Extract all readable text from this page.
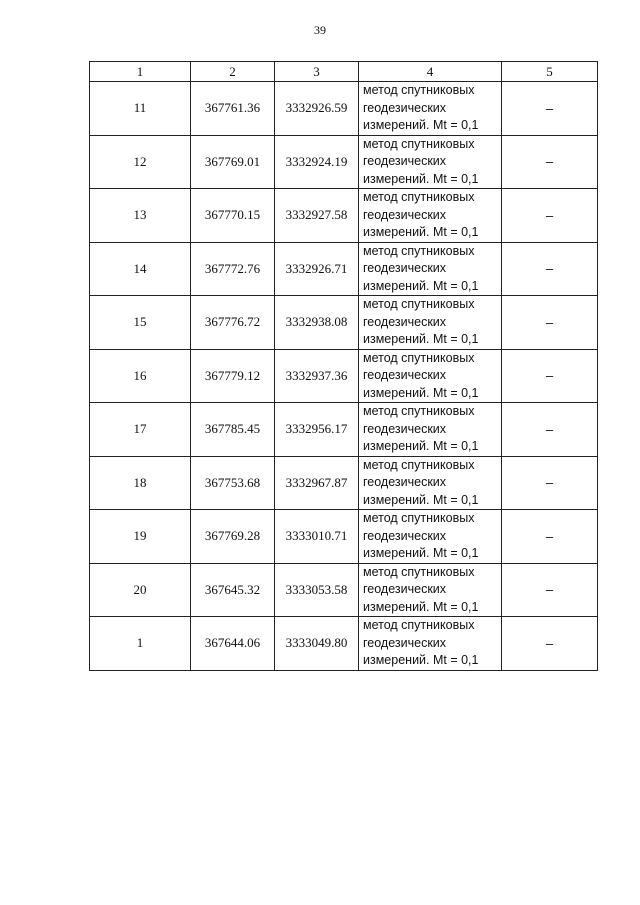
39
1	2	3	4	5
11	367761.36	3332926.59	метод спутниковых
геодезических
измерений. Mt = 0,1	–
12	367769.01	3332924.19	метод спутниковых
геодезических
измерений. Mt = 0,1	–
13	367770.15	3332927.58	метод спутниковых
геодезических
измерений. Mt = 0,1	–
14	367772.76	3332926.71	метод спутниковых
геодезических
измерений. Mt = 0,1	–
15	367776.72	3332938.08	метод спутниковых
геодезических
измерений. Mt = 0,1	–
16	367779.12	3332937.36	метод спутниковых
геодезических
измерений. Mt = 0,1	–
17	367785.45	3332956.17	метод спутниковых
геодезических
измерений. Mt = 0,1	–
18	367753.68	3332967.87	метод спутниковых
геодезических
измерений. Mt = 0,1	–
19	367769.28	3333010.71	метод спутниковых
геодезических
измерений. Mt = 0,1	–
20	367645.32	3333053.58	метод спутниковых
геодезических
измерений. Mt = 0,1	–
1	367644.06	3333049.80	метод спутниковых
геодезических
измерений. Mt = 0,1	–
